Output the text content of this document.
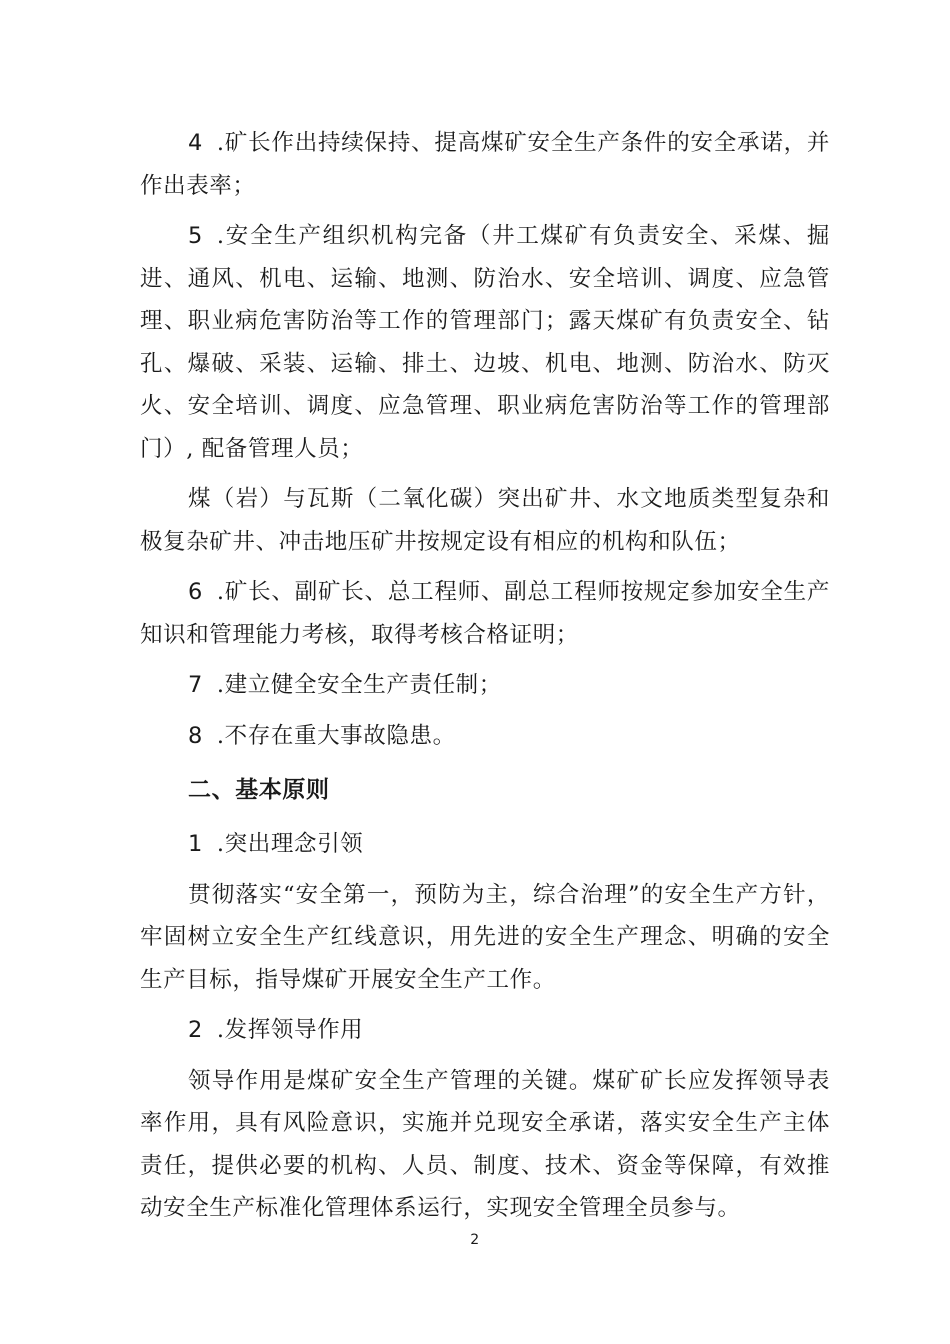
4 .矿长作出持续保持、提高煤矿安全生产条件的安全承诺，并作出表率；

5 .安全生产组织机构完备（井工煤矿有负责安全、采煤、掘进、通风、机电、运输、地测、防治水、安全培训、调度、应急管理、职业病危害防治等工作的管理部门；露天煤矿有负责安全、钻孔、爆破、采装、运输、排土、边坡、机电、地测、防治水、防灭火、安全培训、调度、应急管理、职业病危害防治等工作的管理部门）, 配备管理人员；

煤（岩）与瓦斯（二氧化碳）突出矿井、水文地质类型复杂和极复杂矿井、冲击地压矿井按规定设有相应的机构和队伍；

6 .矿长、副矿长、总工程师、副总工程师按规定参加安全生产知识和管理能力考核，取得考核合格证明；

7 .建立健全安全生产责任制；

8 .不存在重大事故隐患。

二、基本原则

1 .突出理念引领

贯彻落实“安全第一，预防为主，综合治理”的安全生产方针，牢固树立安全生产红线意识，用先进的安全生产理念、明确的安全生产目标，指导煤矿开展安全生产工作。

2 .发挥领导作用

领导作用是煤矿安全生产管理的关键。煤矿矿长应发挥领导表率作用，具有风险意识，实施并兑现安全承诺，落实安全生产主体责任，提供必要的机构、人员、制度、技术、资金等保障，有效推动安全生产标准化管理体系运行，实现安全管理全员参与。

2
